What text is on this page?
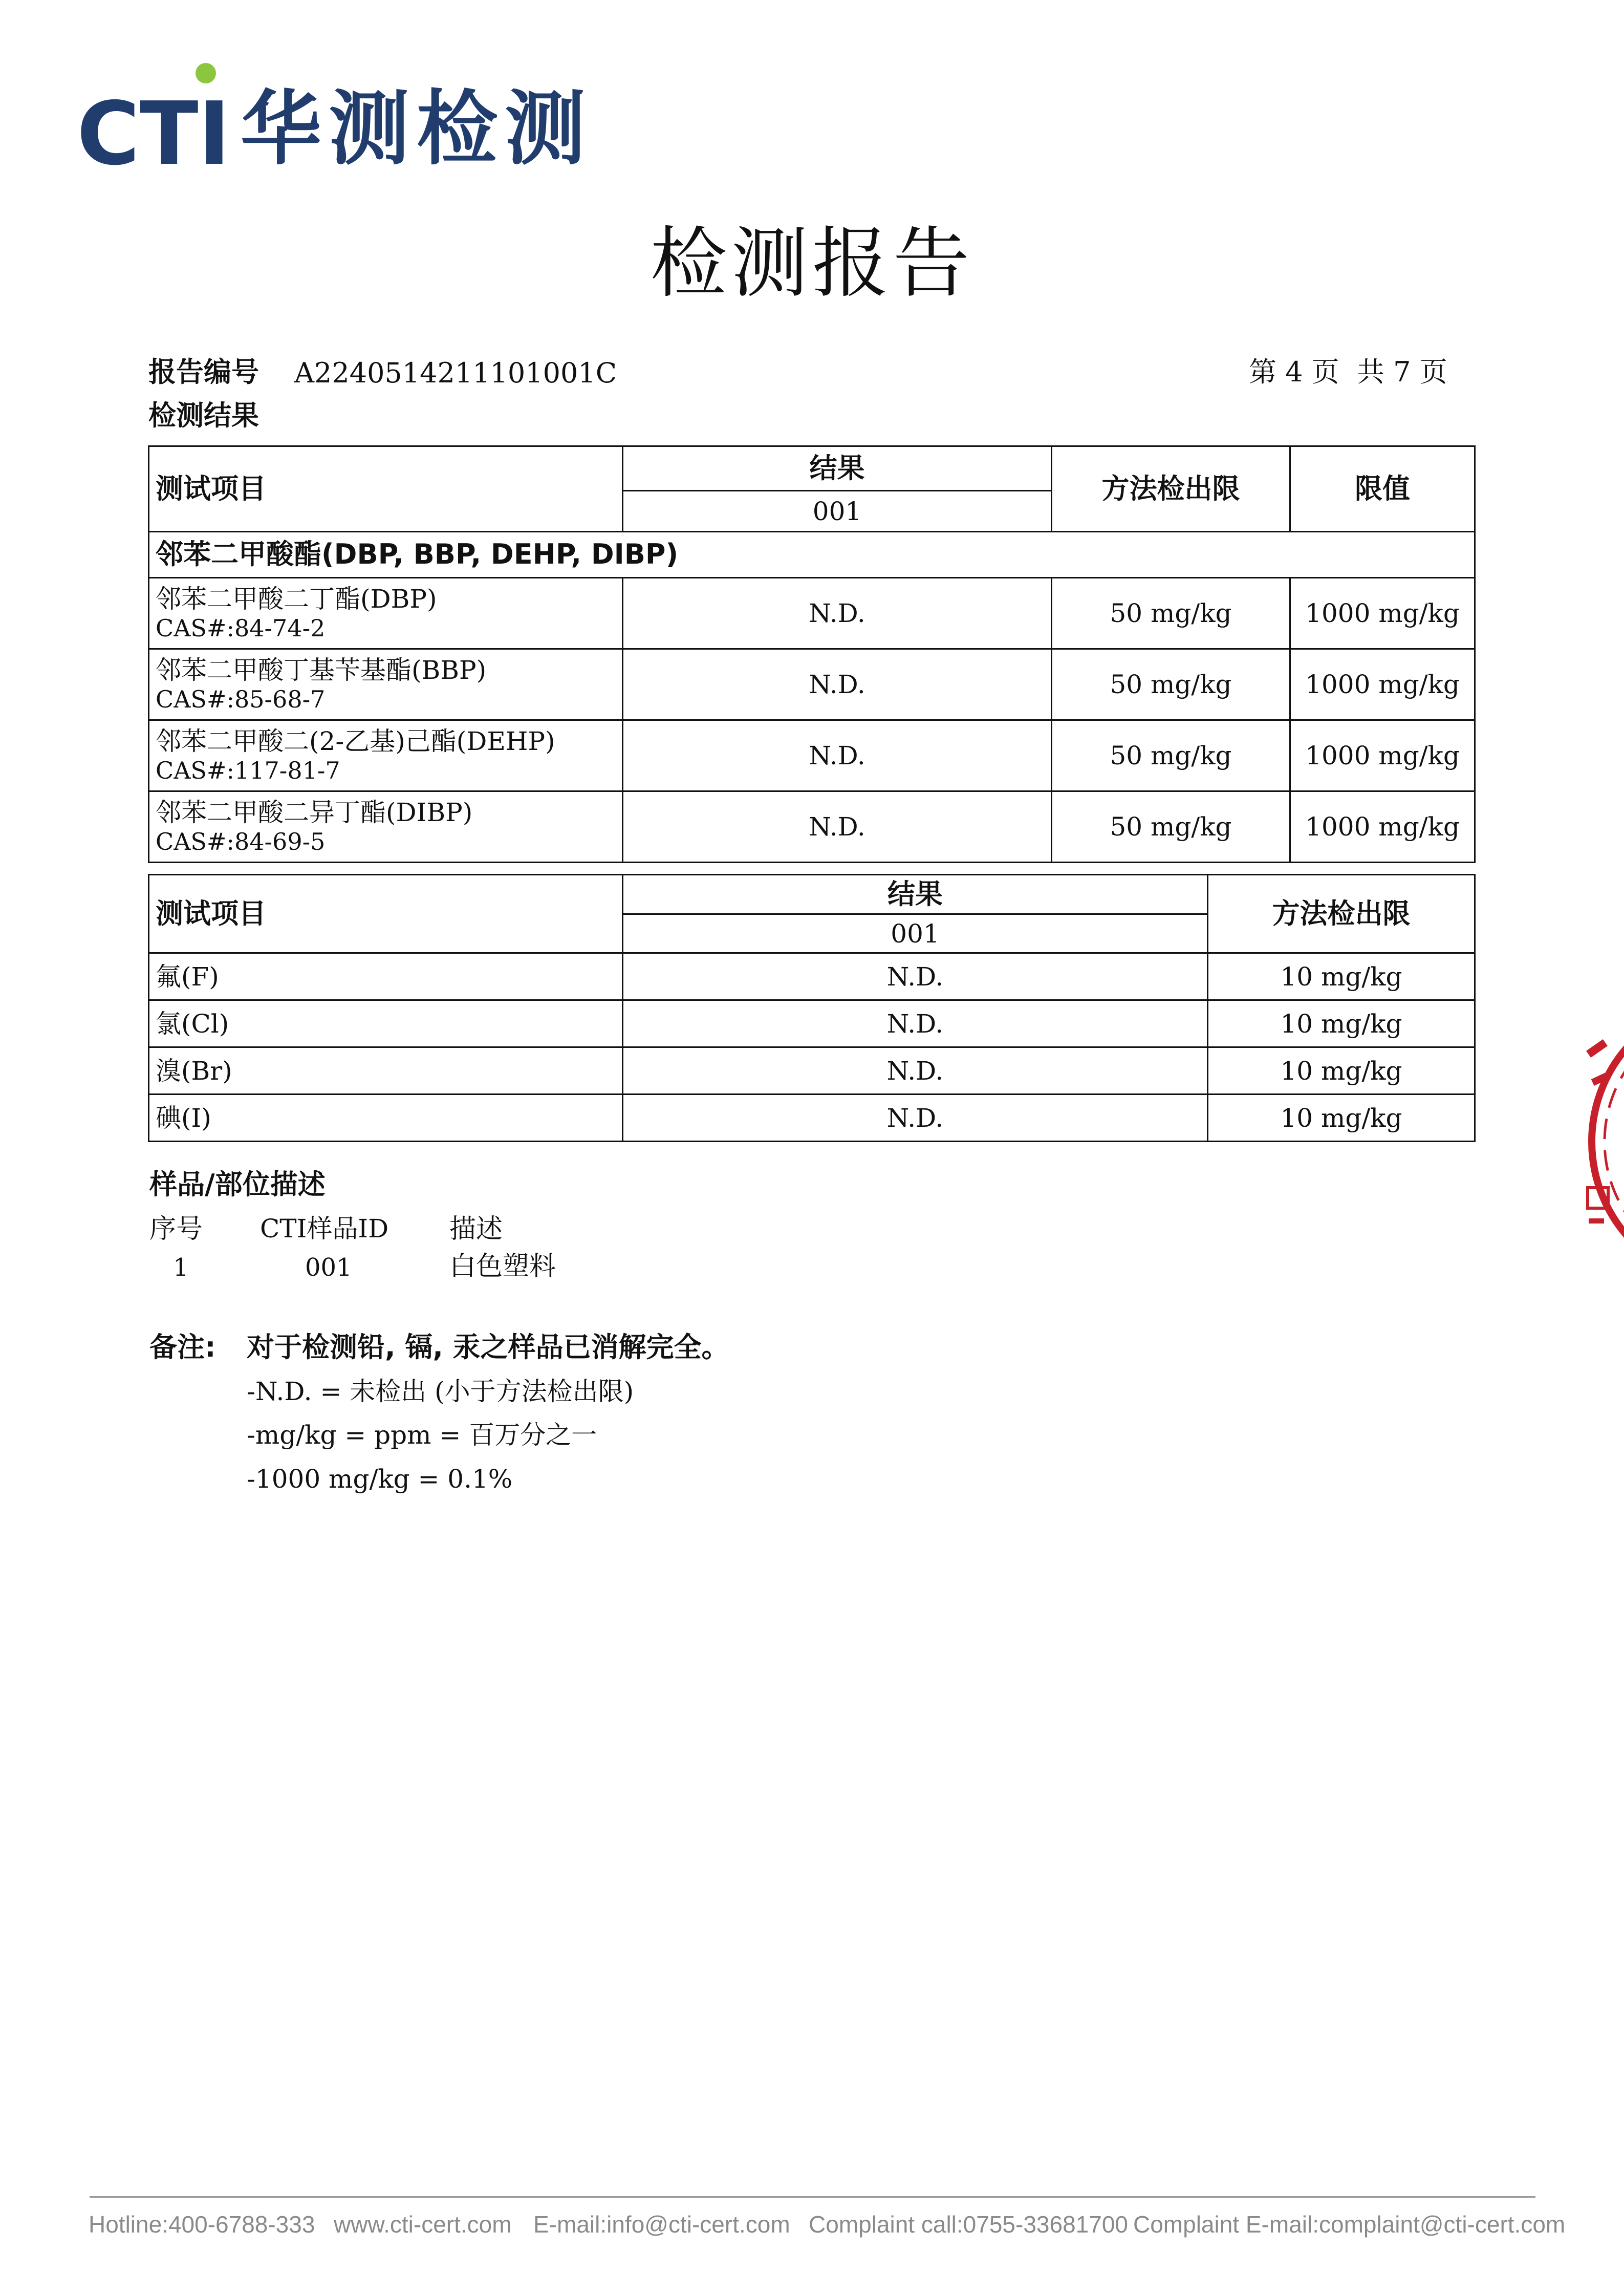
CTI 华测检测
检测报告
报告编号 A2240514211101001C	第 4 页  共 7 页
检测结果
测试项目	结果	方法检出限	限值
	001		
邻苯二甲酸酯(DBP, BBP, DEHP, DIBP)			

邻苯二甲酸二丁酯(DBP)
CAS#:84-74-2	N.D.	50 mg/kg	1000 mg/kg

邻苯二甲酸丁基苄基酯(BBP)
CAS#:85-68-7	N.D.	50 mg/kg	1000 mg/kg

邻苯二甲酸二(2-乙基)己酯(DEHP)
CAS#:117-81-7	N.D.	50 mg/kg	1000 mg/kg

邻苯二甲酸二异丁酯(DIBP)
CAS#:84-69-5	N.D.	50 mg/kg	1000 mg/kg
测试项目	结果	方法检出限
	001	
氟(F)	N.D.	10 mg/kg
氯(Cl)	N.D.	10 mg/kg
溴(Br)	N.D.	10 mg/kg
碘(I)	N.D.	10 mg/kg
样品/部位描述
序号 CTI样品ID 描述
1	001	白色塑料
备注: 对于检测铅, 镉, 汞之样品已消解完全。
-N.D. = 未检出 (小于方法检出限)
-mg/kg = ppm = 百万分之一
-1000 mg/kg = 0.1%
Hotline:400-6788-333 www.cti-cert.com E-mail:info@cti-cert.com Complaint call:0755-33681700 Complaint E-mail:complaint@cti-cert.com
